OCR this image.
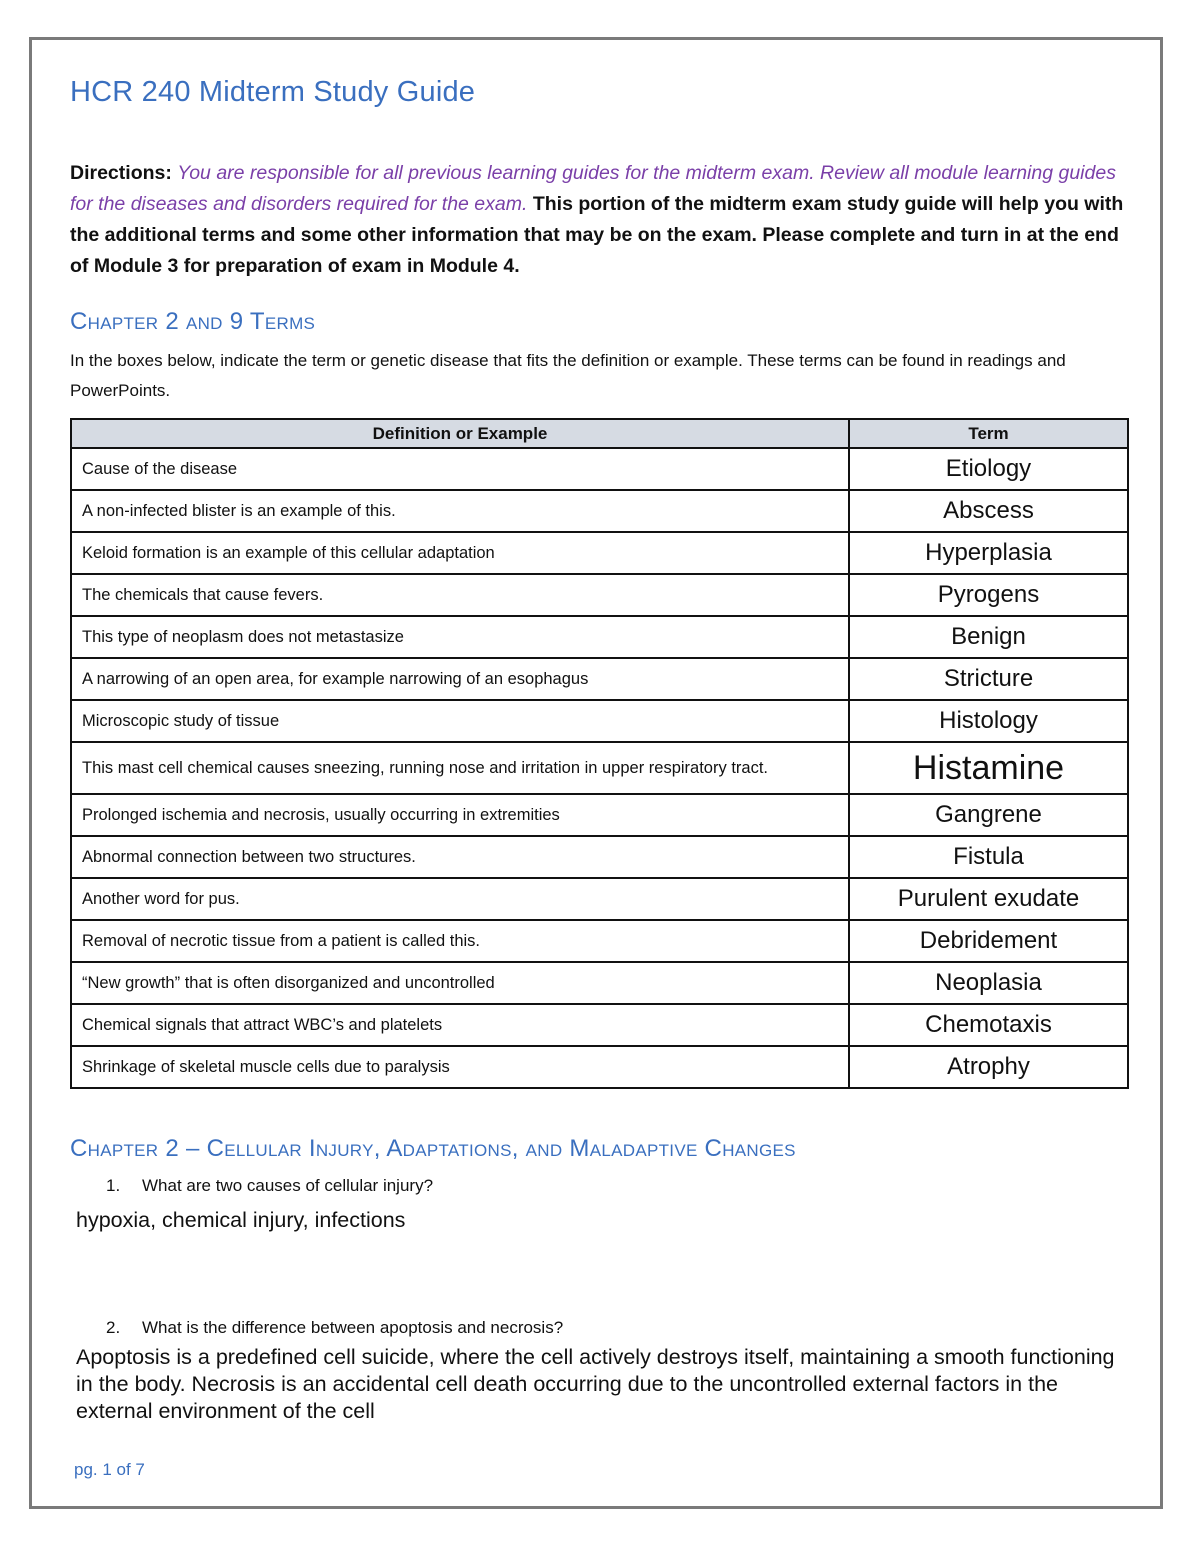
HCR 240 Midterm Study Guide

Directions: You are responsible for all previous learning guides for the midterm exam. Review all module learning guides for the diseases and disorders required for the exam. This portion of the midterm exam study guide will help you with the additional terms and some other information that may be on the exam. Please complete and turn in at the end of Module 3 for preparation of exam in Module 4.

Chapter 2 and 9 Terms

In the boxes below, indicate the term or genetic disease that fits the definition or example. These terms can be found in readings and PowerPoints.

Definition or Example	Term
Cause of the disease	Etiology
A non-infected blister is an example of this.	Abscess
Keloid formation is an example of this cellular adaptation	Hyperplasia
The chemicals that cause fevers.	Pyrogens
This type of neoplasm does not metastasize	Benign
A narrowing of an open area, for example narrowing of an esophagus	Stricture
Microscopic study of tissue	Histology
This mast cell chemical causes sneezing, running nose and irritation in upper respiratory tract.	Histamine
Prolonged ischemia and necrosis, usually occurring in extremities	Gangrene
Abnormal connection between two structures.	Fistula
Another word for pus.	Purulent exudate
Removal of necrotic tissue from a patient is called this.	Debridement
“New growth” that is often disorganized and uncontrolled	Neoplasia
Chemical signals that attract WBC’s and platelets	Chemotaxis
Shrinkage of skeletal muscle cells due to paralysis	Atrophy
Chapter 2 – Cellular Injury, Adaptations, and Maladaptive Changes

1. What are two causes of cellular injury?

hypoxia, chemical injury, infections

2. What is the difference between apoptosis and necrosis?

Apoptosis is a predefined cell suicide, where the cell actively destroys itself, maintaining a smooth functioning in the body. Necrosis is an accidental cell death occurring due to the uncontrolled external factors in the external environment of the cell

pg. 1 of 7
